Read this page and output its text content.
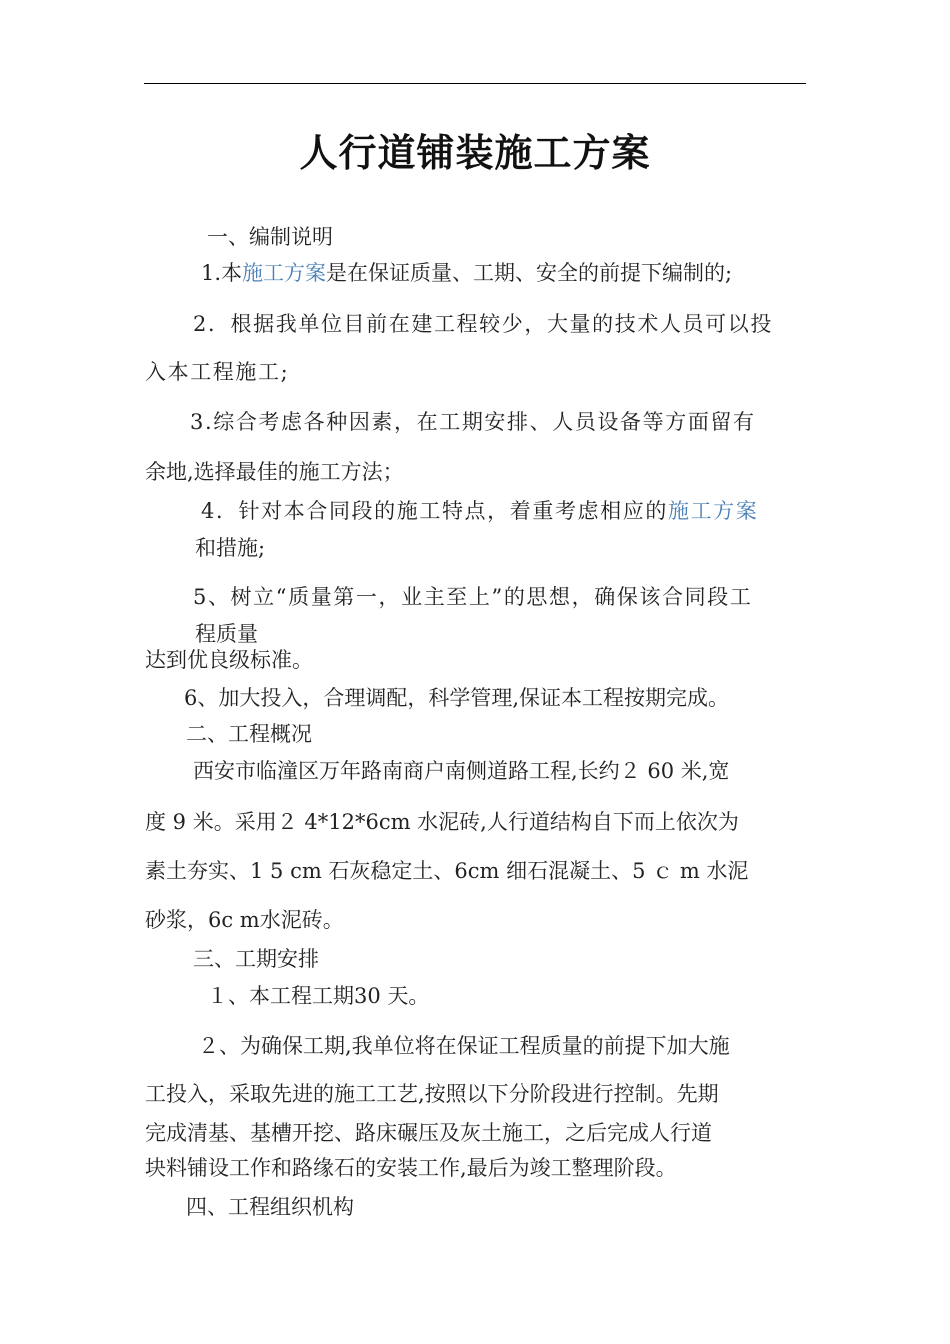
人行道铺装施工方案
一、编制说明
1.本施工方案是在保证质量、工期、安全的前提下编制的;
2．根据我单位目前在建工程较少，大量的技术人员可以投
入本工程施工;
3.综合考虑各种因素，在工期安排、人员设备等方面留有
余地,选择最佳的施工方法；
4．针对本合同段的施工特点，着重考虑相应的施工方案
和措施;
5、树立“质量第一，业主至上”的思想，确保该合同段工
程质量
达到优良级标准。
6、加大投入，合理调配，科学管理,保证本工程按期完成。
二、工程概况
西安市临潼区万年路南商户南侧道路工程,长约２ 60 米,宽
度 9 米。采用２ 4*12*6cm 水泥砖,人行道结构自下而上依次为
素土夯实、1 5 cm 石灰稳定土、6cm 细石混凝土、5 ｃ m 水泥
砂浆，6c m水泥砖。
三、工期安排
１、本工程工期30 天。
２、为确保工期,我单位将在保证工程质量的前提下加大施
工投入，采取先进的施工工艺,按照以下分阶段进行控制。先期
完成清基、基槽开挖、路床碾压及灰土施工，之后完成人行道
块料铺设工作和路缘石的安装工作,最后为竣工整理阶段。
四、工程组织机构
